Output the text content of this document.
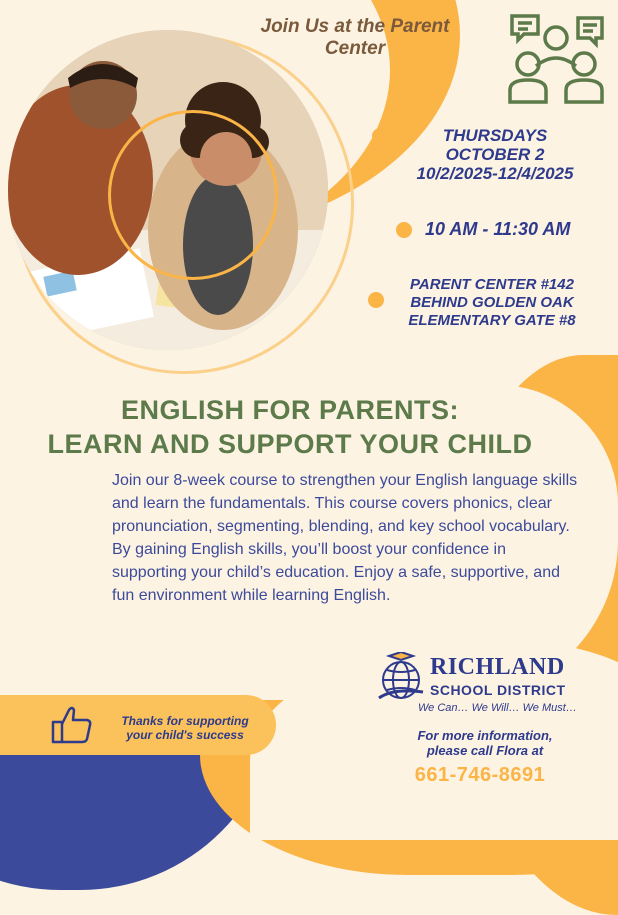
Join Us at the Parent Center
THURSDAYS
OCTOBER 2
10/2/2025-12/4/2025
10 AM - 11:30 AM
PARENT CENTER #142
BEHIND GOLDEN OAK
ELEMENTARY GATE #8
ENGLISH FOR PARENTS:
LEARN AND SUPPORT YOUR CHILD
Join our 8-week course to strengthen your English language skills and learn the fundamentals. This course covers phonics, clear pronunciation, segmenting, blending, and key school vocabulary. By gaining English skills, you’ll boost your confidence in supporting your child’s education. Enjoy a safe, supportive, and fun environment while learning English.
Thanks for supporting
your child's success
RICHLAND
SCHOOL DISTRICT
We Can… We Will… We Must…
For more information,
please call Flora at
661-746-8691
